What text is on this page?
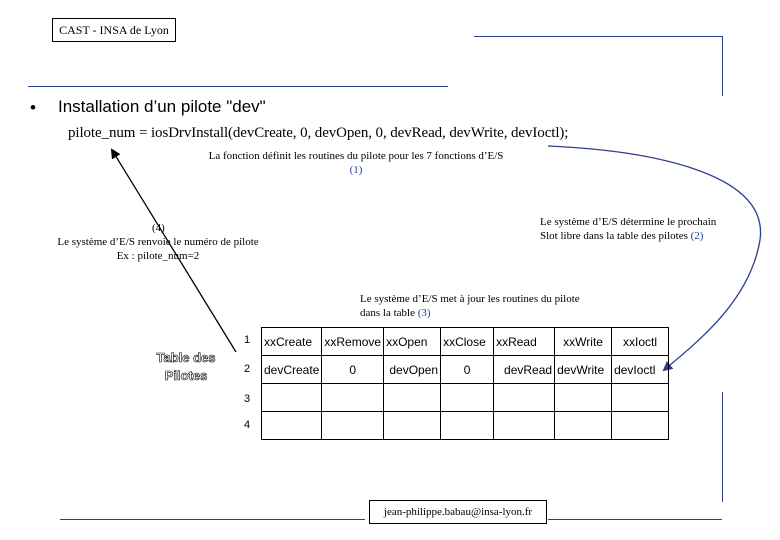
CAST - INSA de Lyon
• Installation d’un pilote "dev"
pilote_num = iosDrvInstall(devCreate, 0, devOpen, 0, devRead, devWrite, devIoctl);
La fonction définit les routines du pilote pour les 7 fonctions d’E/S
(1)
Le système d’E/S détermine le prochain
Slot libre dans la table des pilotes (2)
(4)
Le système d’E/S renvoie le numéro de pilote
Ex : pilote_num=2
Le système d’E/S met à jour les routines du pilote
dans la table (3)
Table des
Pilotes
1
2
3
4
xxCreate	xxRemove	xxOpen	xxClose	xxRead	xxWrite	xxIoctl
devCreate	0	devOpen	0	devRead	devWrite	devIoctl

jean-philippe.babau@insa-lyon.fr
